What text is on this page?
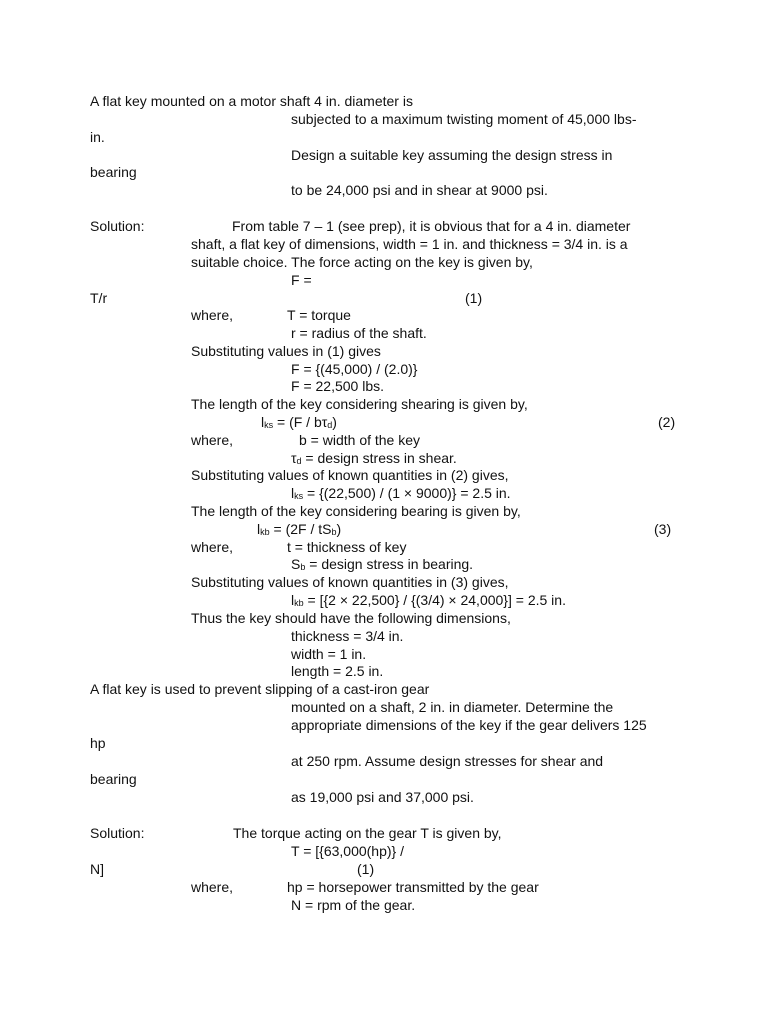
A flat key mounted on a motor shaft 4 in. diameter is
subjected to a maximum twisting moment of 45,000 lbs-
in.
Design a suitable key assuming the design stress in
bearing
to be 24,000 psi and in shear at 9000 psi.
Solution:	From table 7 – 1 (see prep), it is obvious that for a 4 in. diameter
shaft, a flat key of dimensions, width = 1 in. and thickness = 3/4 in. is a
suitable choice. The force acting on the key is given by,
F =
T/r	(1)
where,	T = torque
r = radius of the shaft.
Substituting values in (1) gives
F = {(45,000) / (2.0)}
F = 22,500 lbs.
The length of the key considering shearing is given by,
lks = (F / bτd)	(2)
where,	b = width of the key
τd = design stress in shear.
Substituting values of known quantities in (2) gives,
lks = {(22,500) / (1 × 9000)} = 2.5 in.
The length of the key considering bearing is given by,
lkb = (2F / tSb)	(3)
where,	t = thickness of key
Sb = design stress in bearing.
Substituting values of known quantities in (3) gives,
lkb = [{2 × 22,500} / {(3/4) × 24,000}] = 2.5 in.
Thus the key should have the following dimensions,
thickness = 3/4 in.
width = 1 in.
length = 2.5 in.
A flat key is used to prevent slipping of a cast-iron gear
mounted on a shaft, 2 in. in diameter. Determine the
appropriate dimensions of the key if the gear delivers 125
hp
at 250 rpm. Assume design stresses for shear and
bearing
as 19,000 psi and 37,000 psi.
Solution:	The torque acting on the gear T is given by,
T = [{63,000(hp)} /
N]	(1)
where,	hp = horsepower transmitted by the gear
N = rpm of the gear.
